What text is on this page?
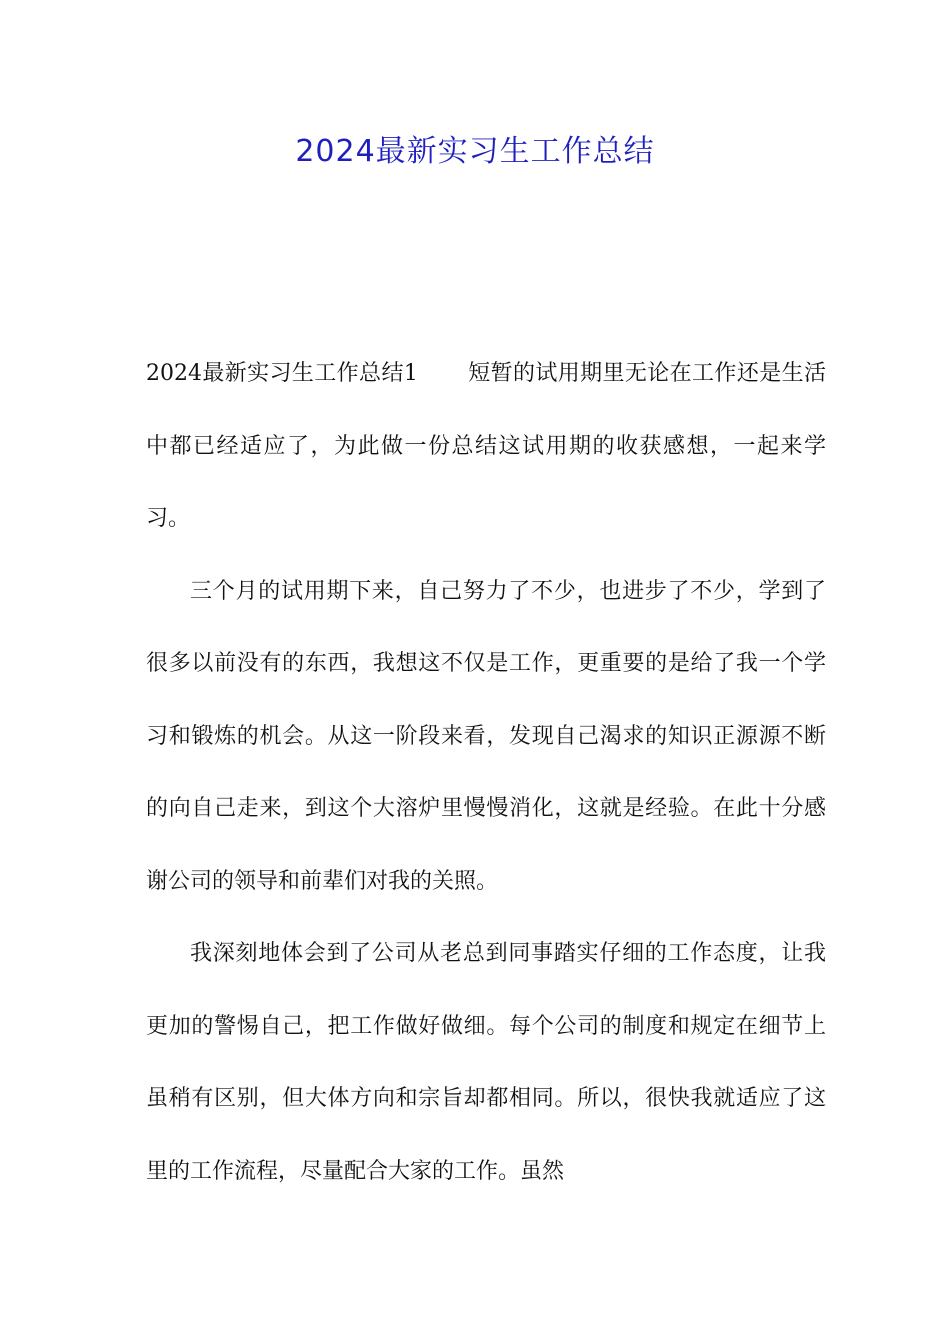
2024最新实习生工作总结

2024最新实习生工作总结1 短暂的试用期里无论在工作还是生活中都已经适应了，为此做一份总结这试用期的收获感想，一起来学习。

三个月的试用期下来，自己努力了不少，也进步了不少，学到了很多以前没有的东西，我想这不仅是工作，更重要的是给了我一个学习和锻炼的机会。从这一阶段来看，发现自己渴求的知识正源源不断的向自己走来，到这个大溶炉里慢慢消化，这就是经验。在此十分感谢公司的领导和前辈们对我的关照。

我深刻地体会到了公司从老总到同事踏实仔细的工作态度，让我更加的警惕自己，把工作做好做细。每个公司的制度和规定在细节上虽稍有区别，但大体方向和宗旨却都相同。所以，很快我就适应了这里的工作流程，尽量配合大家的工作。虽然
